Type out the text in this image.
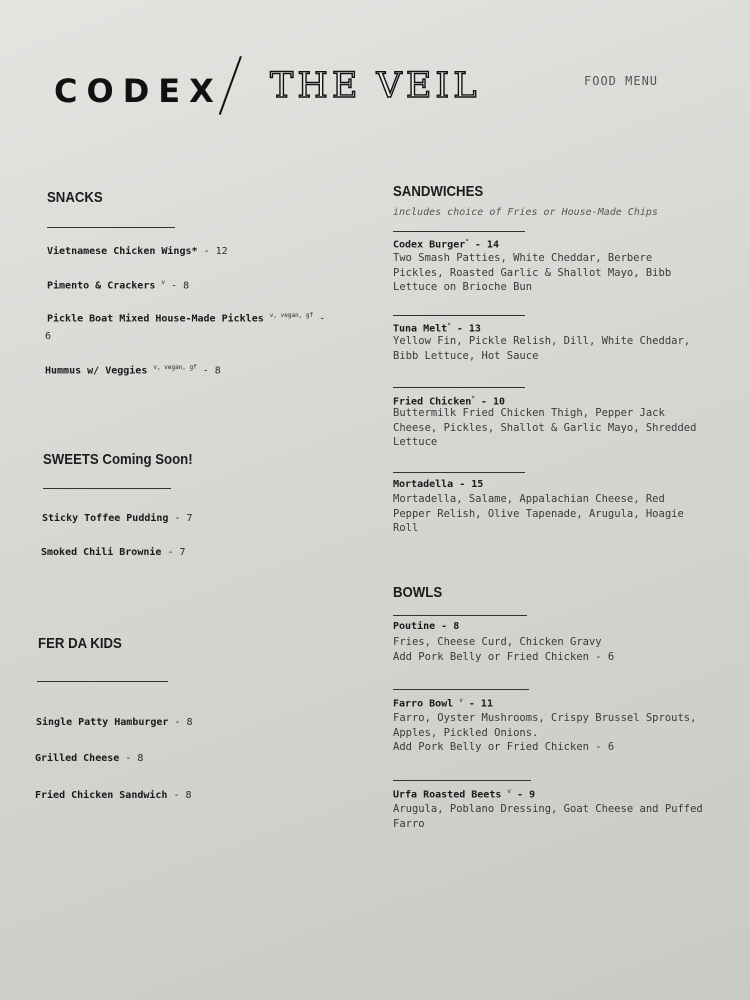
CODEX THE VEIL	FOOD MENU
SNACKS
Vietnamese Chicken Wings* - 12
Pimento & Crackers $^v$ - 8
Pickle Boat Mixed House-Made Pickles $^{v, vegan, gf}$ -
6
Hummus w/ Veggies $^{v, vegan, gf}$ - 8
SWEETS Coming Soon!
Sticky Toffee Pudding - 7
Smoked Chili Brownie - 7
FER DA KIDS
Single Patty Hamburger - 8
Grilled Cheese - 8
Fried Chicken Sandwich - 8
SANDWICHES
includes choice of Fries or House-Made Chips
Codex Burger* - 14
Two Smash Patties, White Cheddar, Berbere
Pickles, Roasted Garlic & Shallot Mayo, Bibb
Lettuce on Brioche Bun
Tuna Melt* - 13
Yellow Fin, Pickle Relish, Dill, White Cheddar,
Bibb Lettuce, Hot Sauce
Fried Chicken* - 10
Buttermilk Fried Chicken Thigh, Pepper Jack
Cheese, Pickles, Shallot & Garlic Mayo, Shredded
Lettuce
Mortadella - 15
Mortadella, Salame, Appalachian Cheese, Red
Pepper Relish, Olive Tapenade, Arugula, Hoagie
Roll
BOWLS
Poutine - 8
Fries, Cheese Curd, Chicken Gravy
Add Pork Belly or Fried Chicken - 6
Farro Bowl $^v$ - 11
Farro, Oyster Mushrooms, Crispy Brussel Sprouts,
Apples, Pickled Onions.
Add Pork Belly or Fried Chicken - 6
Urfa Roasted Beets $^v$ - 9
Arugula, Poblano Dressing, Goat Cheese and Puffed
Farro
